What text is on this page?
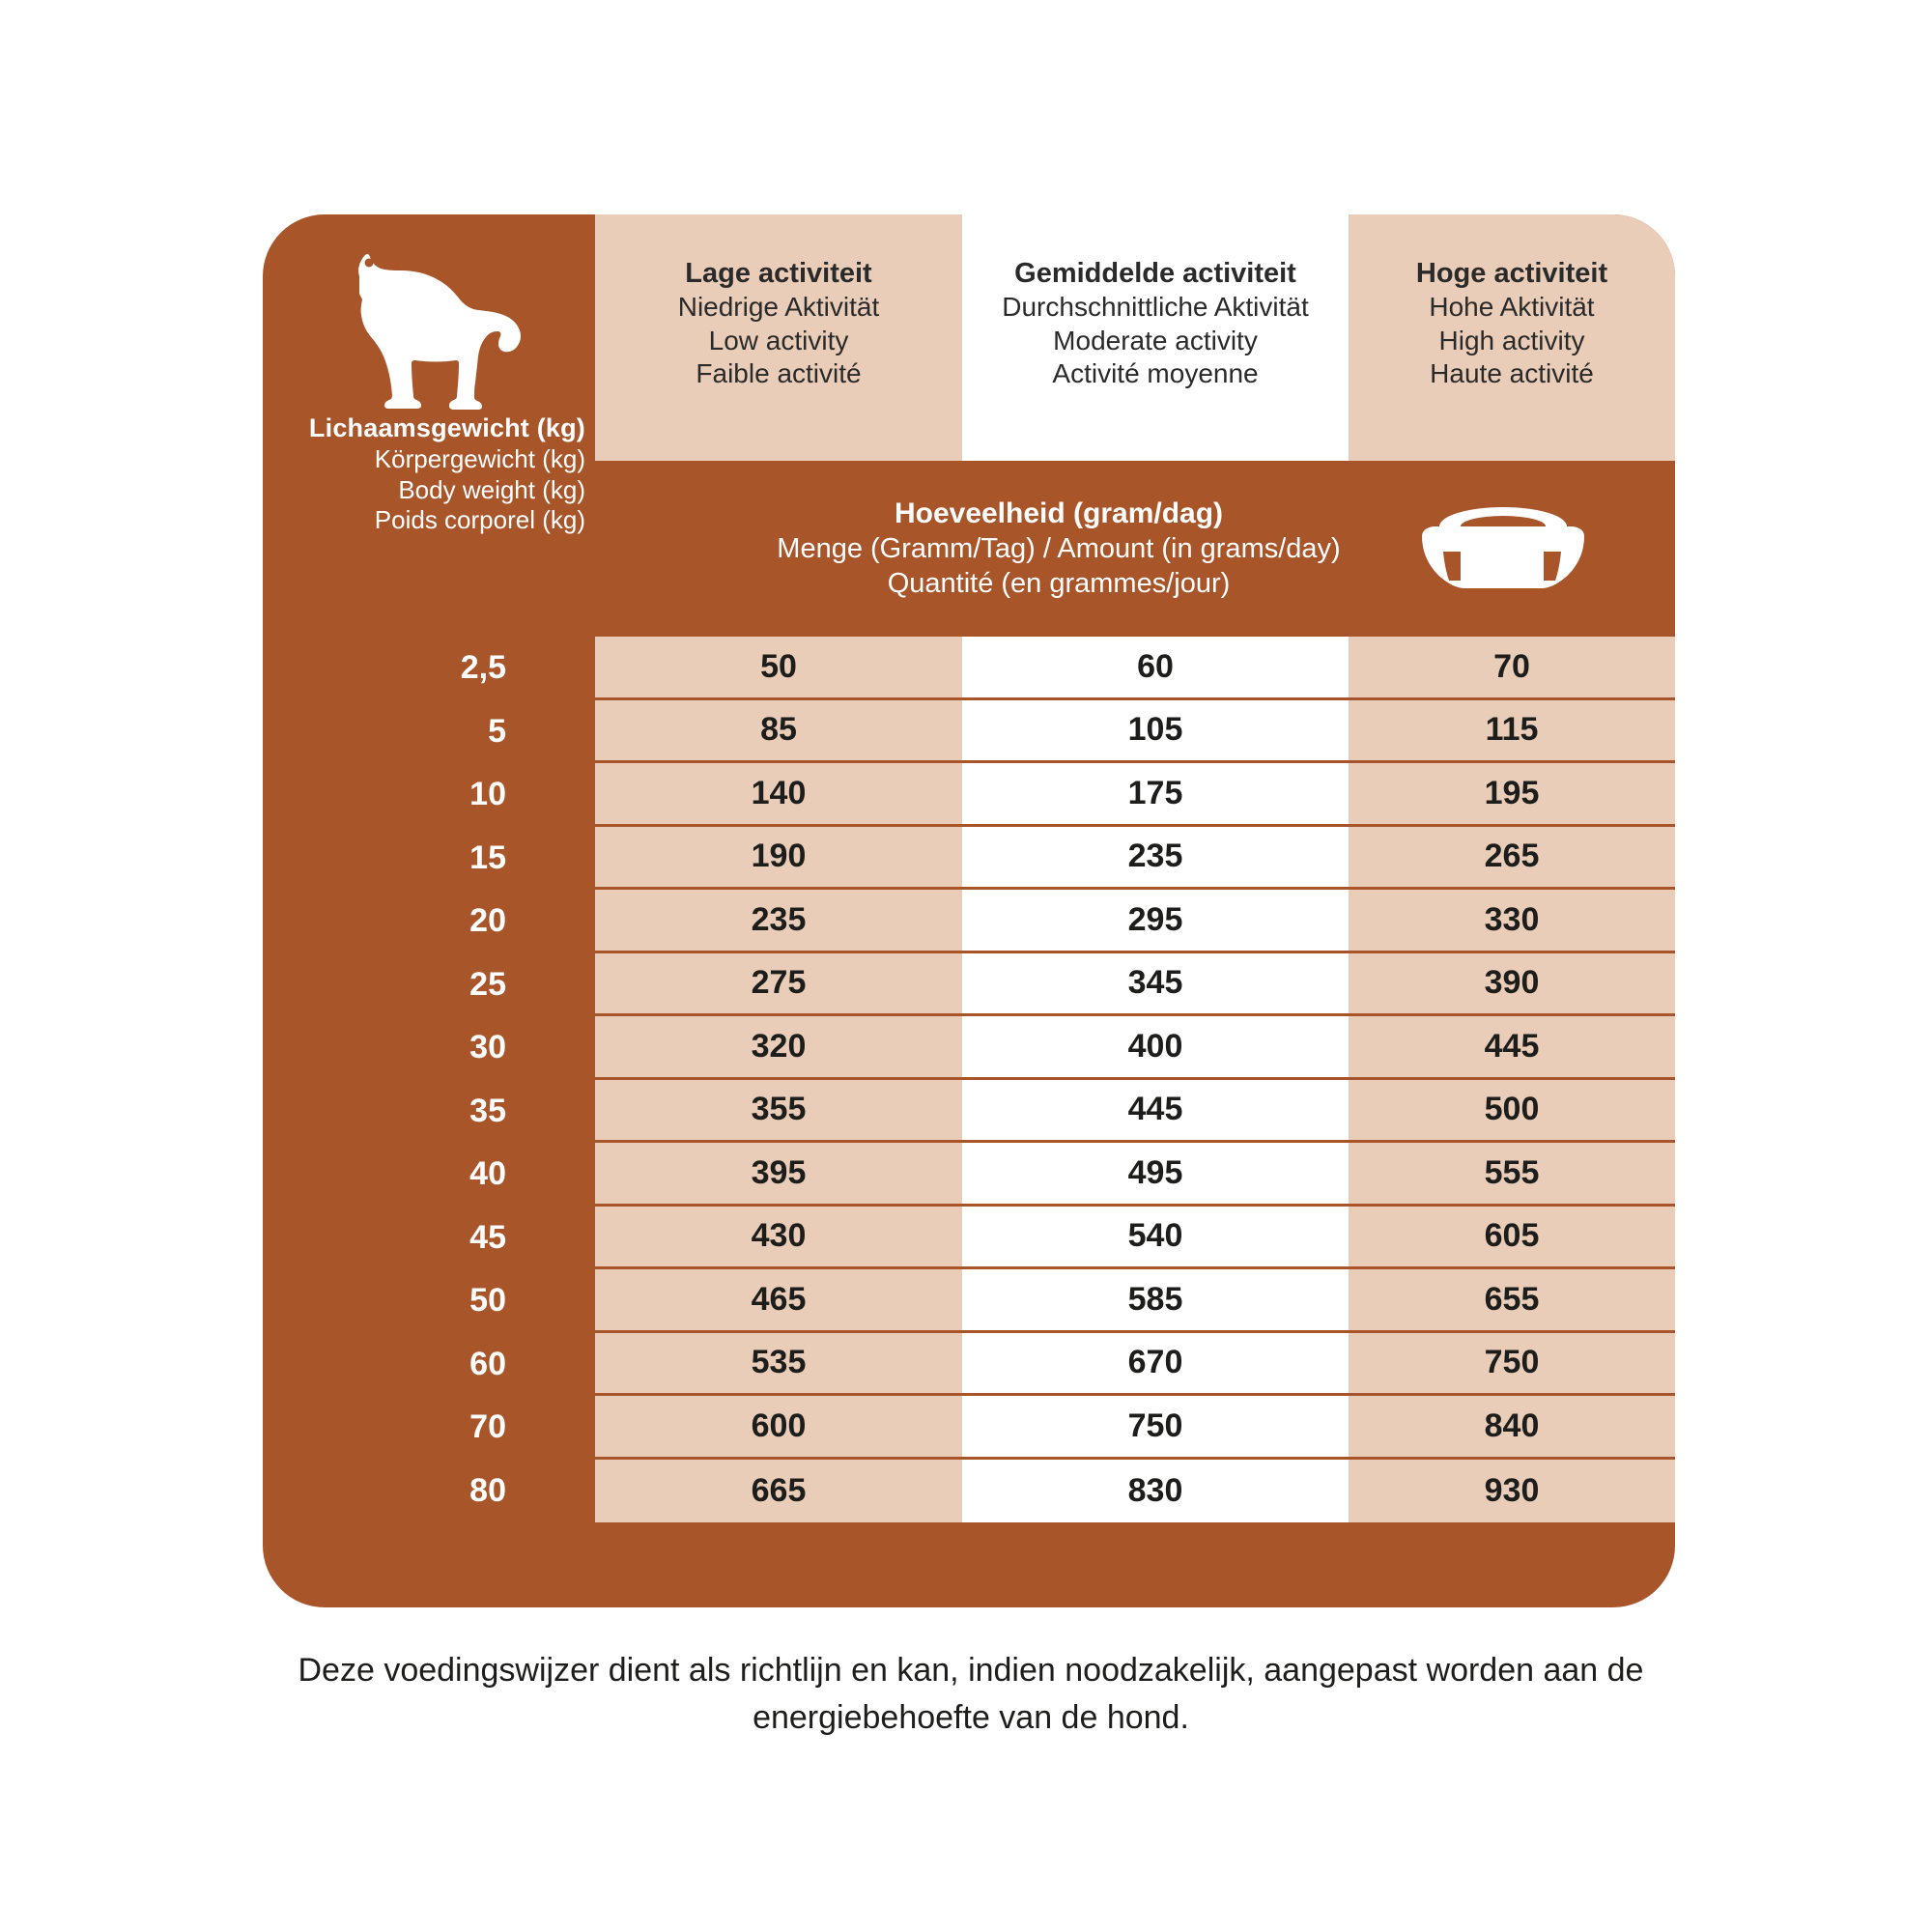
Lichaamsgewicht (kg)
Körpergewicht (kg)
Body weight (kg)
Poids corporel (kg)
Lage activiteit
Niedrige Aktivität
Low activity
Faible activité
Gemiddelde activiteit
Durchschnittliche Aktivität
Moderate activity
Activité moyenne
Hoge activiteit
Hohe Aktivität
High activity
Haute activité
Hoeveelheid (gram/dag)
Menge (Gramm/Tag) / Amount (in grams/day)
Quantité (en grammes/jour)
2,5	50	60	70
5	85	105	115
10	140	175	195
15	190	235	265
20	235	295	330
25	275	345	390
30	320	400	445
35	355	445	500
40	395	495	555
45	430	540	605
50	465	585	655
60	535	670	750
70	600	750	840
80	665	830	930
Deze voedingswijzer dient als richtlijn en kan, indien noodzakelijk, aangepast worden aan de
energiebehoefte van de hond.
